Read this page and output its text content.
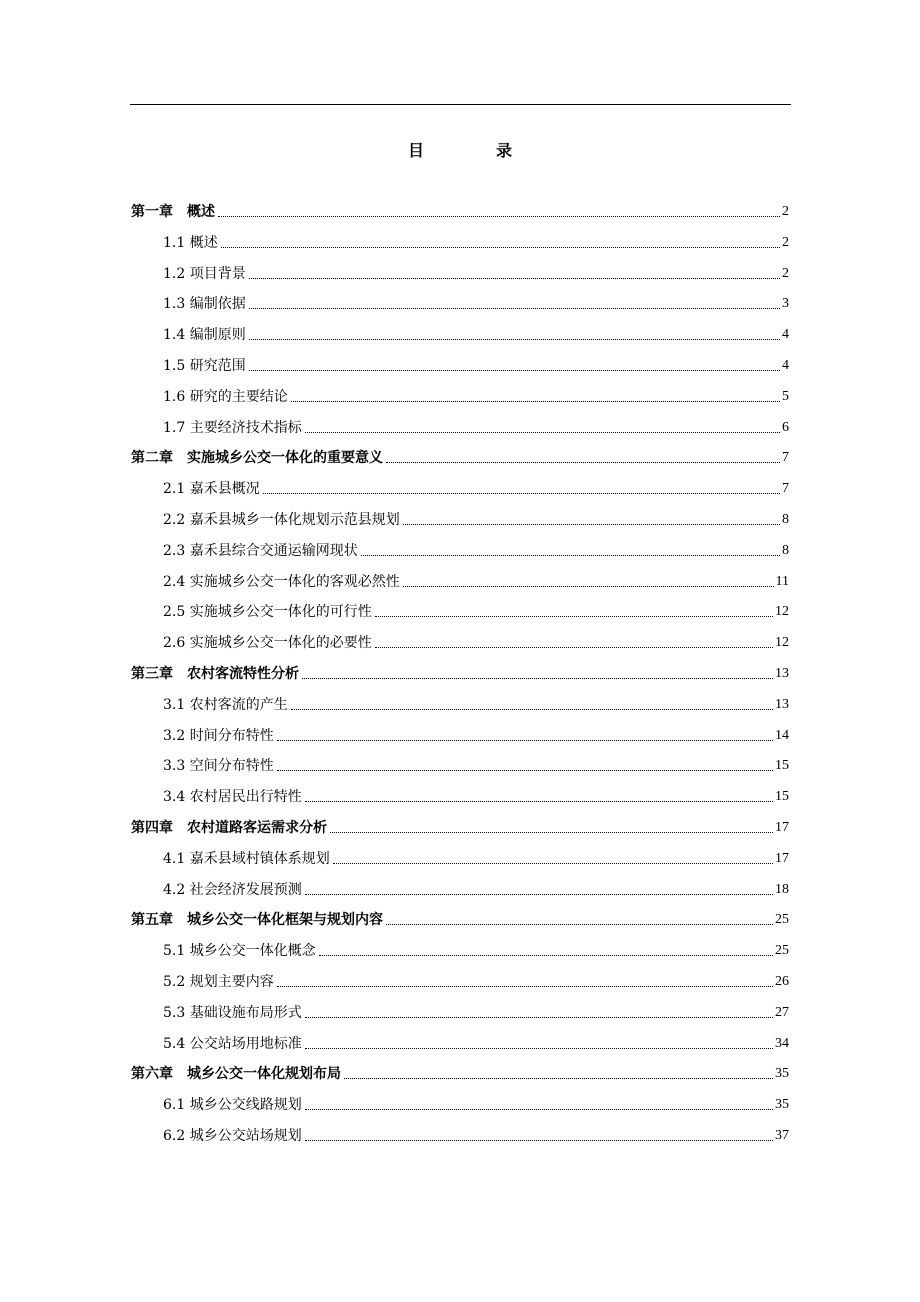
目　录
第一章　概述	2
1.1 概述	2
1.2 项目背景	2
1.3 编制依据	3
1.4 编制原则	4
1.5 研究范围	4
1.6 研究的主要结论	5
1.7 主要经济技术指标	6
第二章　实施城乡公交一体化的重要意义	7
2.1 嘉禾县概况	7
2.2 嘉禾县城乡一体化规划示范县规划	8
2.3 嘉禾县综合交通运输网现状	8
2.4 实施城乡公交一体化的客观必然性	11
2.5 实施城乡公交一体化的可行性	12
2.6 实施城乡公交一体化的必要性	12
第三章　农村客流特性分析	13
3.1 农村客流的产生	13
3.2 时间分布特性	14
3.3 空间分布特性	15
3.4 农村居民出行特性	15
第四章　农村道路客运需求分析	17
4.1 嘉禾县域村镇体系规划	17
4.2 社会经济发展预测	18
第五章　城乡公交一体化框架与规划内容	25
5.1 城乡公交一体化概念	25
5.2 规划主要内容	26
5.3 基础设施布局形式	27
5.4 公交站场用地标准	34
第六章　城乡公交一体化规划布局	35
6.1 城乡公交线路规划	35
6.2 城乡公交站场规划	37
